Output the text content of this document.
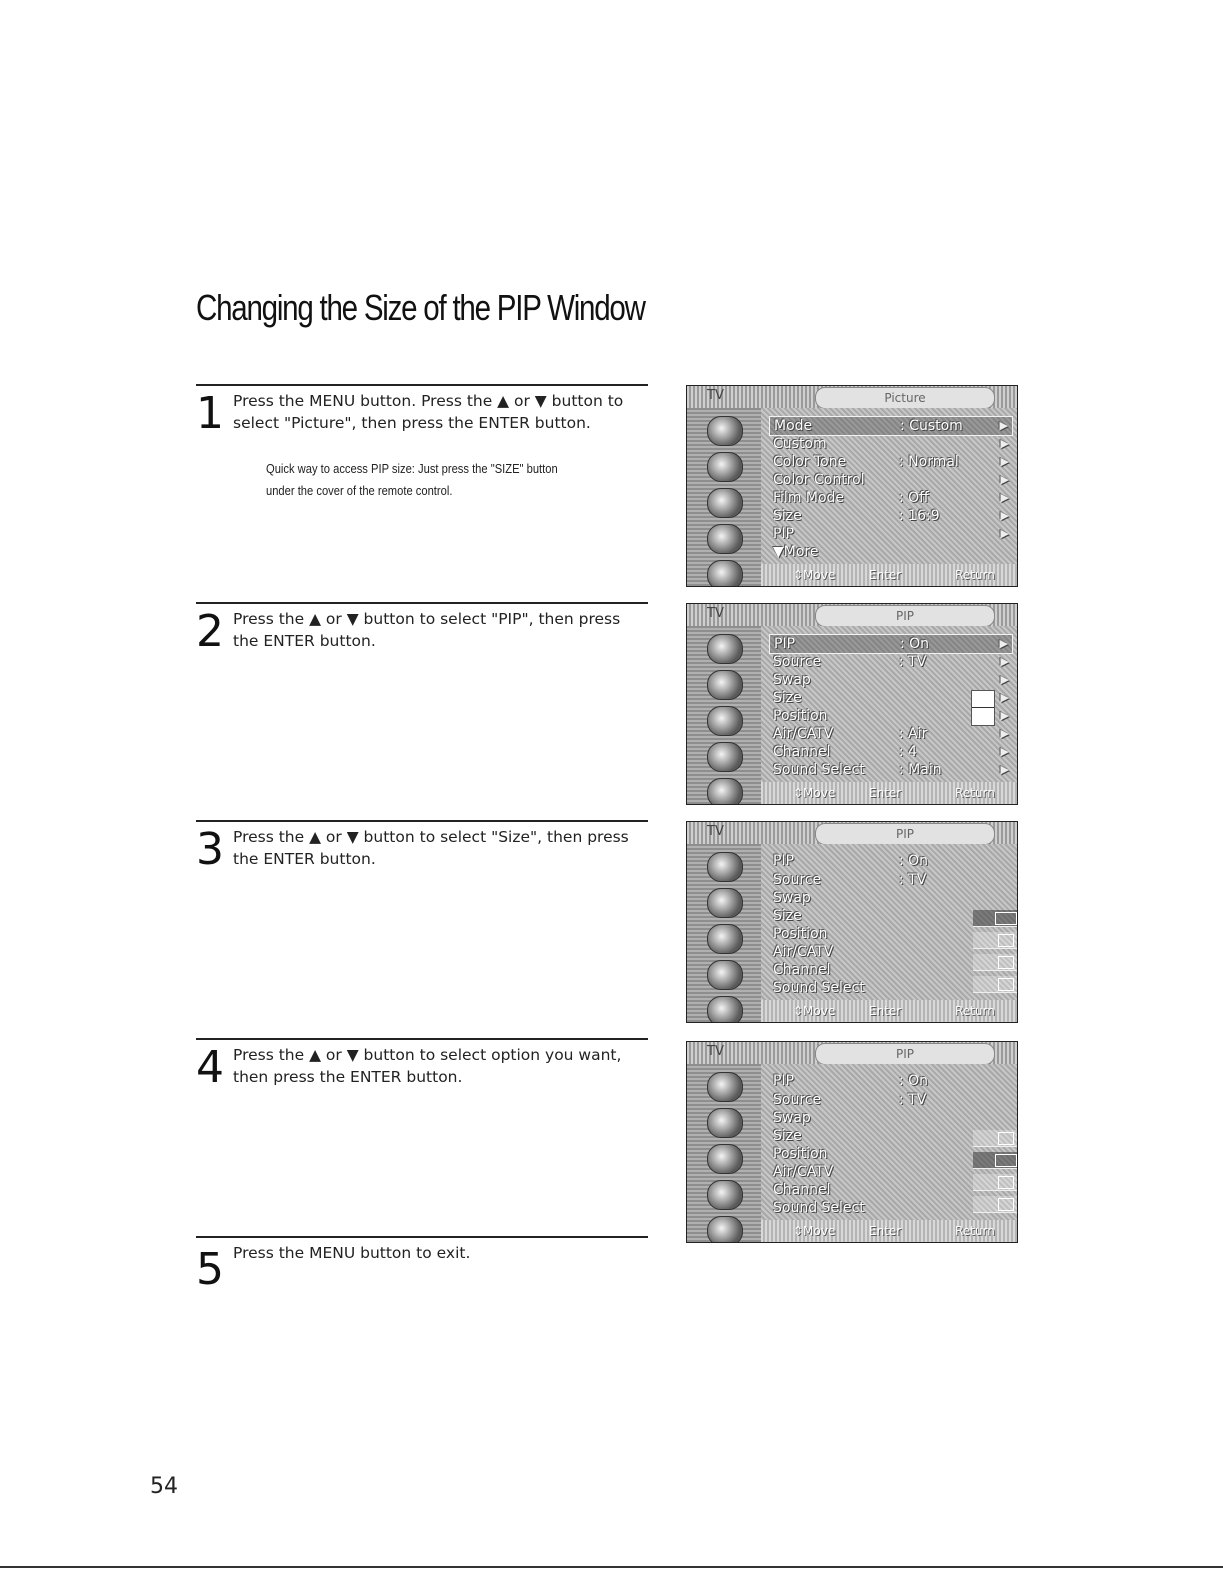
Changing the Size of the PIP Window
1 Press the MENU button. Press the ▲ or ▼ button to select "Picture", then press the ENTER button.
Quick way to access PIP size: Just press the "SIZE" button under the cover of the remote control.
2 Press the ▲ or ▼ button to select "PIP", then press the ENTER button.
3 Press the ▲ or ▼ button to select "Size", then press the ENTER button.
4 Press the ▲ or ▼ button to select option you want, then press the ENTER button.
5 Press the MENU button to exit.
TV	Picture
Mode	: Custom	▶
Custom	▶
Color Tone	: Normal	▶
Color Control	▶
Film Mode	: Off	▶
Size	: 16:9	▶
PIP	▶
▼More
⇕Move	Enter	Return
TV	PIP
PIP	: On	▶
Source	: TV	▶
Swap	▶
Size	▶
Position	▶
Air/CATV	: Air	▶
Channel	: 4	▶
Sound Select : Main	▶
⇕Move	Enter	Return
TV	PIP
PIP	: On
Source	: TV
Swap
Size
Position
Air/CATV
Channel
Sound Select
⇕Move	Enter	Return
TV	PIP
PIP	: On
Source	: TV
Swap
Size
Position
Air/CATV
Channel
Sound Select
⇕Move	Enter	Return
54
